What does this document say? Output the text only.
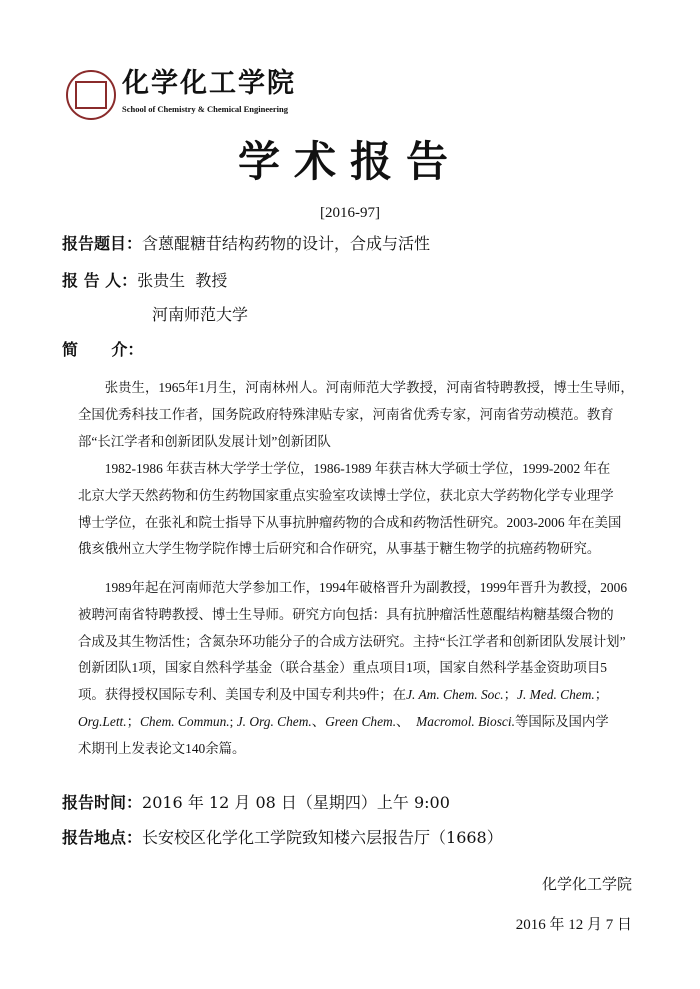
化学化工学院
School of Chemistry & Chemical Engineering
学术报告
[2016-97]
报告题目：含蒽醌糖苷结构药物的设计，合成与活性
报 告 人：张贵生  教授
河南师范大学
简      介：
　　张贵生，1965年1月生，河南林州人。河南师范大学教授，河南省特聘教授，博士生导师，
全国优秀科技工作者，国务院政府特殊津贴专家，河南省优秀专家，河南省劳动模范。教育
部“长江学者和创新团队发展计划”创新团队
　　1982-1986 年获吉林大学学士学位，1986-1989 年获吉林大学硕士学位，1999-2002 年在
北京大学天然药物和仿生药物国家重点实验室攻读博士学位，获北京大学药物化学专业理学
博士学位，在张礼和院士指导下从事抗肿瘤药物的合成和药物活性研究。2003-2006 年在美国
俄亥俄州立大学生物学院作博士后研究和合作研究，从事基于糖生物学的抗癌药物研究。
　　1989年起在河南师范大学参加工作，1994年破格晋升为副教授，1999年晋升为教授，2006
被聘河南省特聘教授、博士生导师。研究方向包括：具有抗肿瘤活性蒽醌结构糖基缀合物的
合成及其生物活性；含氮杂环功能分子的合成方法研究。主持“长江学者和创新团队发展计划”
创新团队1项，国家自然科学基金（联合基金）重点项目1项，国家自然科学基金资助项目5
项。获得授权国际专利、美国专利及中国专利共9件；在J. Am. Chem. Soc.；J. Med. Chem.；
Org.Lett.；Chem. Commun.; J. Org. Chem.、Green Chem.、  Macromol. Biosci.等国际及国内学
术期刊上发表论文140余篇。
报告时间：2016 年 12 月 08 日（星期四）上午 9:00
报告地点：长安校区化学化工学院致知楼六层报告厅（1668）
化学化工学院
2016 年 12 月 7 日
